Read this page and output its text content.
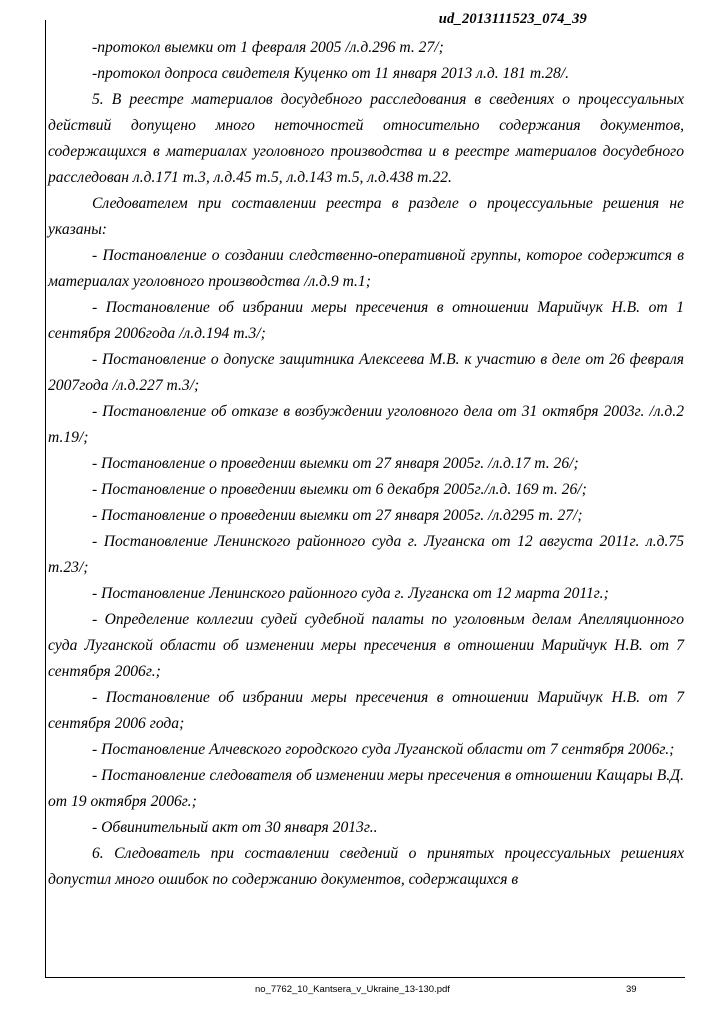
ud_2013111523_074_39

-протокол выемки от 1 февраля 2005 /л.д.296 т. 27/;

-протокол допроса свидетеля Куценко от 11 января 2013 л.д. 181 т.28/.

5. В реестре материалов досудебного расследования в сведениях о процессуальных действий допущено много неточностей относительно содержания документов, содержащихся в материалах уголовного производства и в реестре материалов досудебного расследован л.д.171 т.3, л.д.45 т.5, л.д.143 т.5, л.д.438 т.22.

Следователем при составлении реестра в разделе о процессуальные решения не указаны:

- Постановление о создании следственно-оперативной группы, которое содержится в материалах уголовного производства /л.д.9 т.1;

- Постановление об избрании меры пресечения в отношении Марийчук Н.В. от 1 сентября 2006года /л.д.194 т.3/;

- Постановление о допуске защитника Алексеева М.В. к участию в деле от 26 февраля 2007года /л.д.227 т.3/;

- Постановление об отказе в возбуждении уголовного дела от 31 октября 2003г. /л.д.2 т.19/;

- Постановление о проведении выемки от 27 января 2005г. /л.д.17 т. 26/;

- Постановление о проведении выемки от 6 декабря 2005г./л.д. 169 т. 26/;

- Постановление о проведении выемки от 27 января 2005г. /л.д295 т. 27/;

- Постановление Ленинского районного суда г. Луганска от 12 августа 2011г. л.д.75 т.23/;

- Постановление Ленинского районного суда г. Луганска от 12 марта 2011г.;

- Определение коллегии судей судебной палаты по уголовным делам Апелляционного суда Луганской области об изменении меры пресечения в отношении Марийчук Н.В. от 7 сентября 2006г.;

- Постановление об избрании меры пресечения в отношении Марийчук Н.В. от 7 сентября 2006 года;

- Постановление Алчевского городского суда Луганской области от 7 сентября 2006г.;

- Постановление следователя об изменении меры пресечения в отношении Кащары В.Д. от 19 октября 2006г.;

- Обвинительный акт от 30 января 2013г..

6. Следователь при составлении сведений о принятых процессуальных решениях допустил много ошибок по содержанию документов, содержащихся в

no_7762_10_Kantsera_v_Ukraine_13-130.pdf	39
